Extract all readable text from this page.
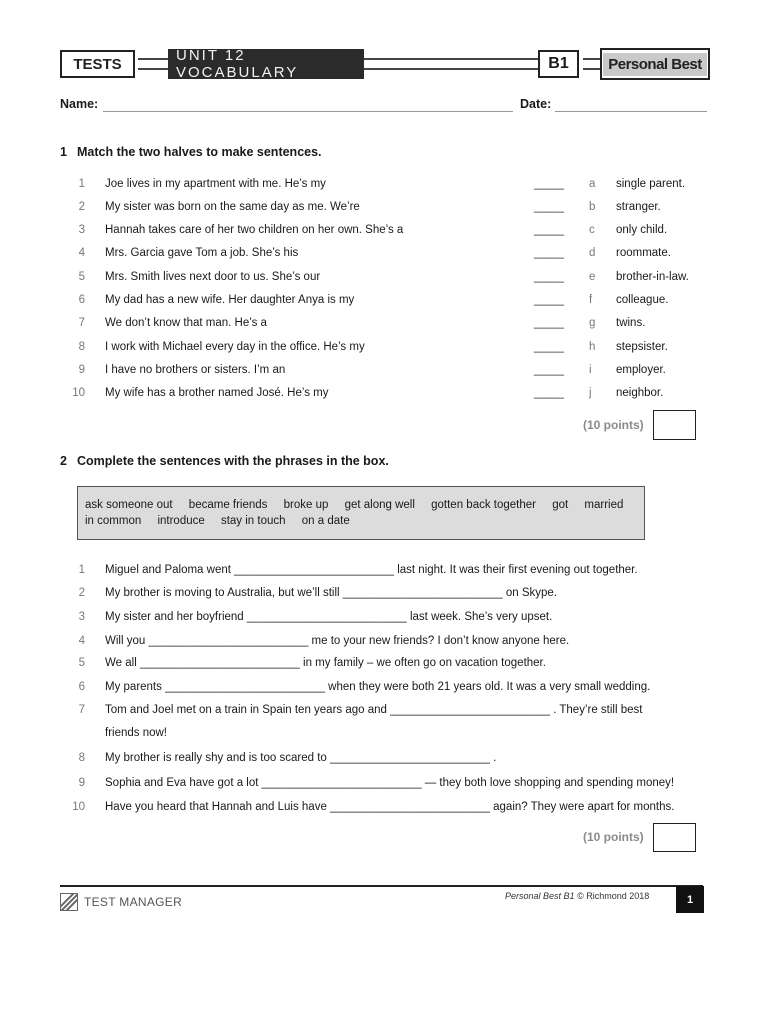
TESTS	UNIT 12 VOCABULARY
B1	Personal Best
Name:	Date:
1 Match the two halves to make sentences.
1 Joe lives in my apartment with me. He’s my	_____ a single parent.
2 My sister was born on the same day as me. We’re	_____ b stranger.
3 Hannah takes care of her two children on her own. She’s a	_____ c only child.
4 Mrs. Garcia gave Tom a job. She’s his	_____ d roommate.
5 Mrs. Smith lives next door to us. She’s our	_____ e brother-in-law.
6 My dad has a new wife. Her daughter Anya is my	_____ f colleague.
7 We don’t know that man. He’s a	_____ g twins.
8 I work with Michael every day in the office. He’s my	_____ h stepsister.
9 I have no brothers or sisters. I’m an	_____ i employer.
10 My wife has a brother named José. He’s my	_____ j neighbor.
(10 points)
2 Complete the sentences with the phrases in the box.
ask someone out became friends broke up get along well gotten back together got married in common introduce stay in touch on a date
1 Miguel and Paloma went _________________________ last night. It was their first evening out together.
2 My brother is moving to Australia, but we’ll still _________________________ on Skype.
3 My sister and her boyfriend _________________________ last week. She’s very upset.
4 Will you _________________________ me to your new friends? I don’t know anyone here.
5 We all _________________________ in my family – we often go on vacation together.
6 My parents _________________________ when they were both 21 years old. It was a very small wedding.
7 Tom and Joel met on a train in Spain ten years ago and _________________________ . They’re still best
friends now!
8 My brother is really shy and is too scared to _________________________ .
9 Sophia and Eva have got a lot _________________________ — they both love shopping and spending money!
10 Have you heard that Hannah and Luis have _________________________ again? They were apart for months.
(10 points)
TEST MANAGER	Personal Best B1 © Richmond 2018	1
